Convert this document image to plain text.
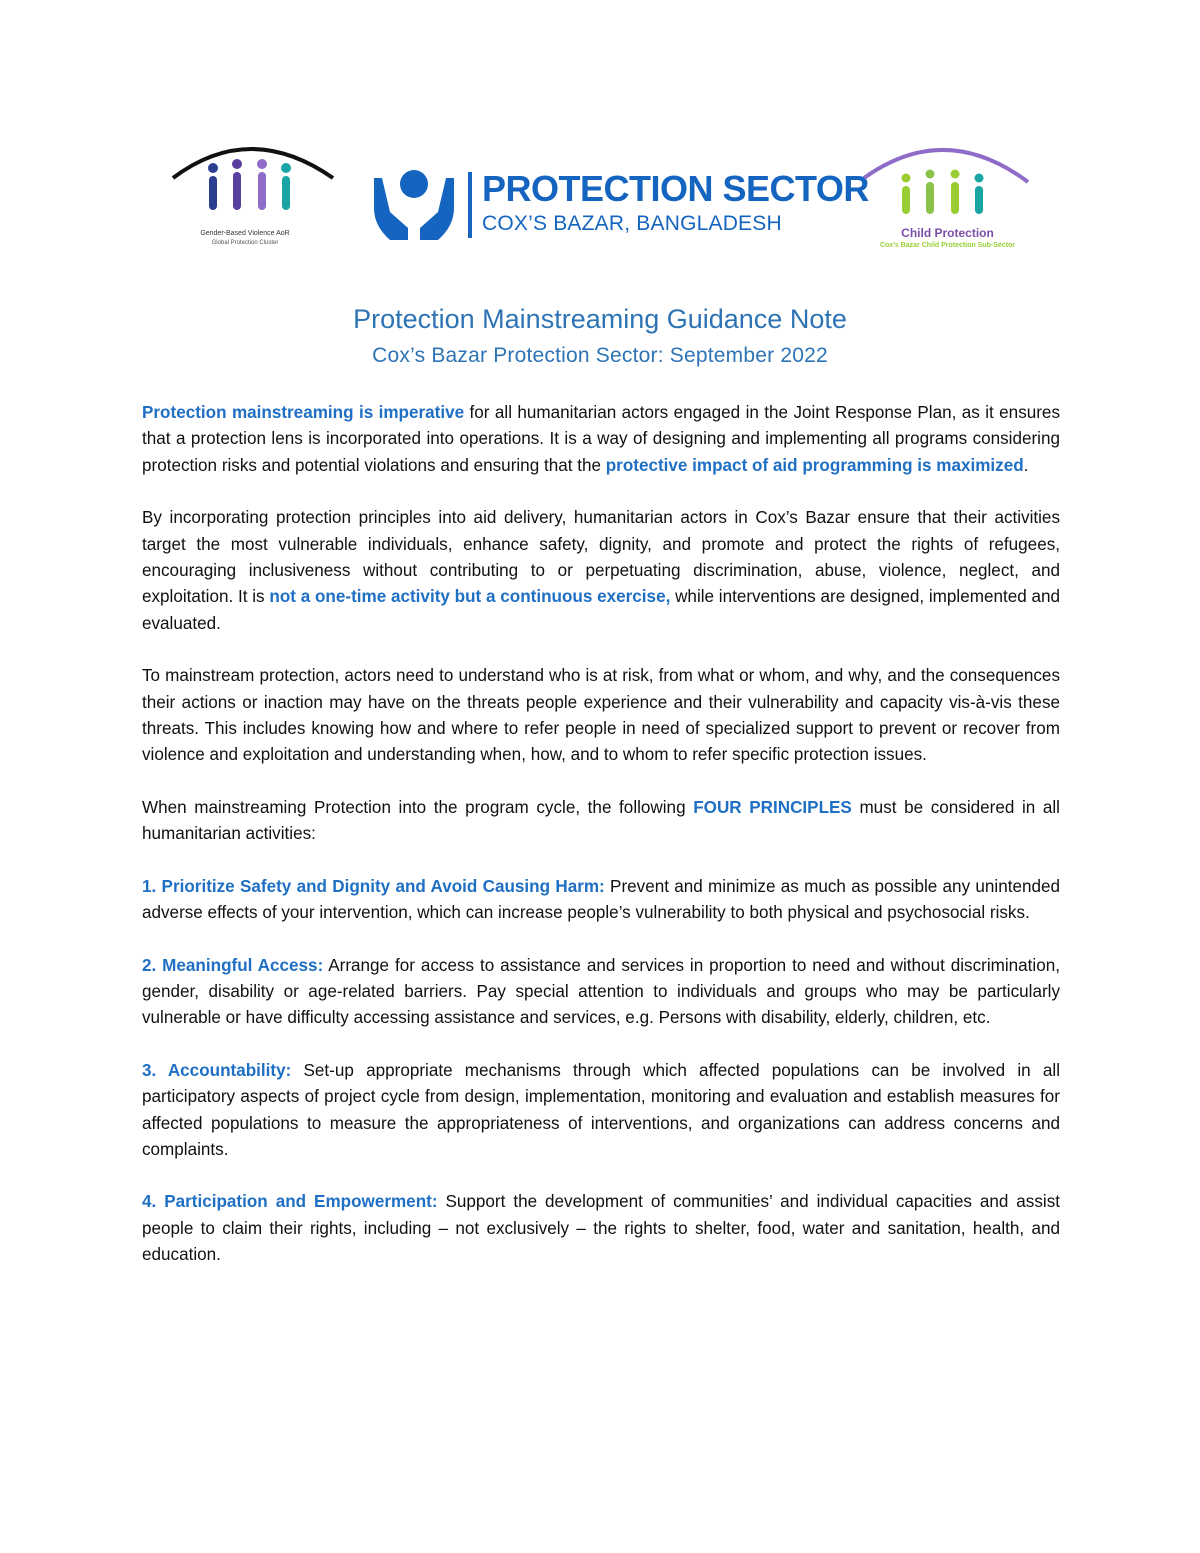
Gender-Based Violence AoR
Global Protection Cluster
PROTECTION SECTOR
COX’S BAZAR, BANGLADESH	Child Protection
Cox’s Bazar Child Protection Sub-Sector
Protection Mainstreaming Guidance Note
Cox’s Bazar Protection Sector: September 2022

Protection mainstreaming is imperative for all humanitarian actors engaged in the Joint Response Plan, as it ensures that a protection lens is incorporated into operations. It is a way of designing and implementing all programs considering protection risks and potential violations and ensuring that the protective impact of aid programming is maximized.

By incorporating protection principles into aid delivery, humanitarian actors in Cox’s Bazar ensure that their activities target the most vulnerable individuals, enhance safety, dignity, and promote and protect the rights of refugees, encouraging inclusiveness without contributing to or perpetuating discrimination, abuse, violence, neglect, and exploitation. It is not a one-time activity but a continuous exercise, while interventions are designed, implemented and evaluated.

To mainstream protection, actors need to understand who is at risk, from what or whom, and why, and the consequences their actions or inaction may have on the threats people experience and their vulnerability and capacity vis-à-vis these threats. This includes knowing how and where to refer people in need of specialized support to prevent or recover from violence and exploitation and understanding when, how, and to whom to refer specific protection issues.

When mainstreaming Protection into the program cycle, the following FOUR PRINCIPLES must be considered in all humanitarian activities:

1. Prioritize Safety and Dignity and Avoid Causing Harm: Prevent and minimize as much as possible any unintended adverse effects of your intervention, which can increase people’s vulnerability to both physical and psychosocial risks.

2. Meaningful Access: Arrange for access to assistance and services in proportion to need and without discrimination, gender, disability or age-related barriers. Pay special attention to individuals and groups who may be particularly vulnerable or have difficulty accessing assistance and services, e.g. Persons with disability, elderly, children, etc.

3. Accountability: Set-up appropriate mechanisms through which affected populations can be involved in all participatory aspects of project cycle from design, implementation, monitoring and evaluation and establish measures for affected populations to measure the appropriateness of interventions, and organizations can address concerns and complaints.

4. Participation and Empowerment: Support the development of communities’ and individual capacities and assist people to claim their rights, including – not exclusively – the rights to shelter, food, water and sanitation, health, and education.
